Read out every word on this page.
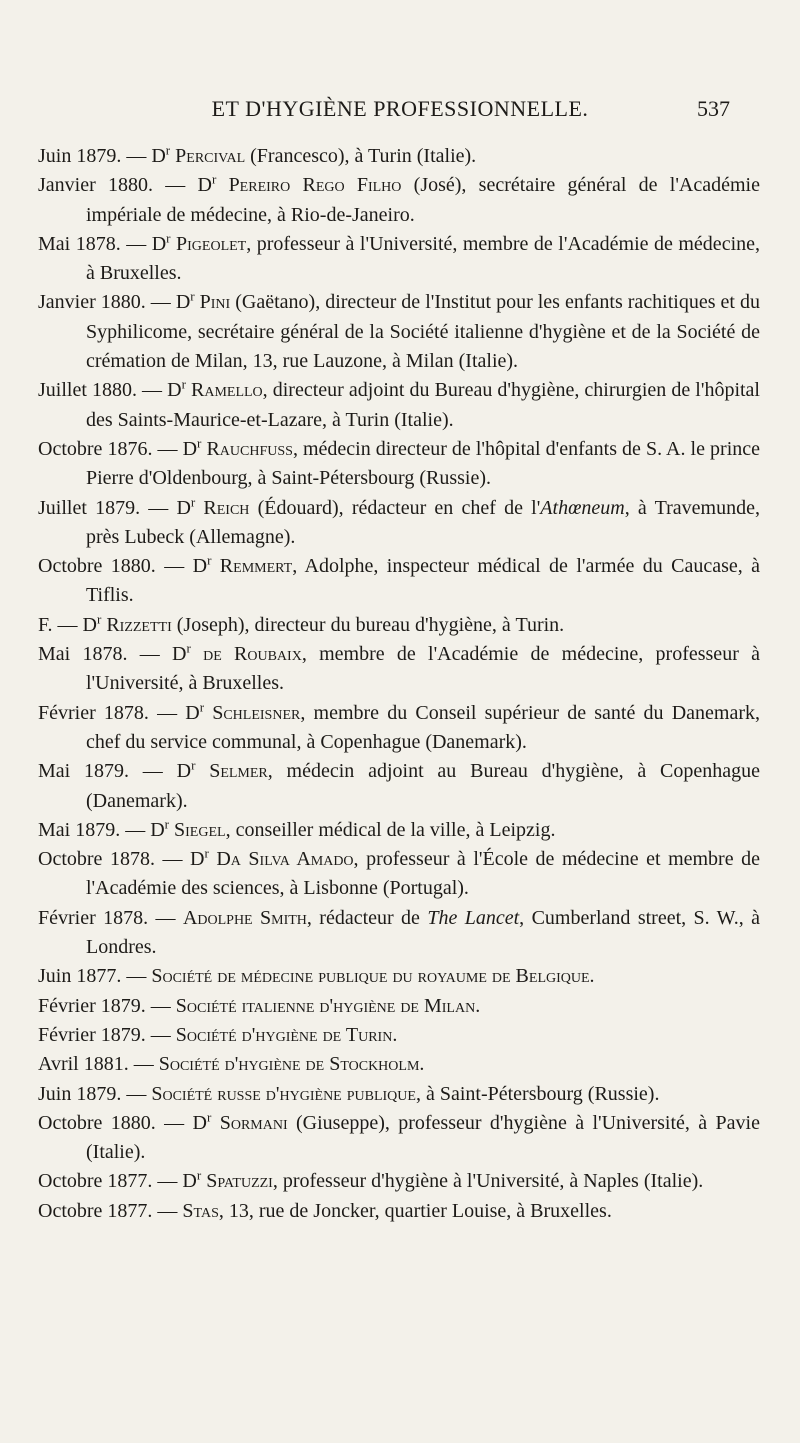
ET D'HYGIÈNE PROFESSIONNELLE.	537

Juin 1879. — $D^r$ Percival (Francesco), à Turin (Italie).

Janvier 1880. — $D^r$ Pereiro Rego Filho (José), secrétaire général de l'Académie impériale de médecine, à Rio-de-Janeiro.

Mai 1878. — $D^r$ Pigeolet, professeur à l'Université, membre de l'Académie de médecine, à Bruxelles.

Janvier 1880. — $D^r$ Pini (Gaëtano), directeur de l'Institut pour les enfants rachitiques et du Syphilicome, secrétaire général de la Société italienne d'hygiène et de la Société de crémation de Milan, 13, rue Lauzone, à Milan (Italie).

Juillet 1880. — $D^r$ Ramello, directeur adjoint du Bureau d'hygiène, chirurgien de l'hôpital des Saints-Maurice-et-Lazare, à Turin (Italie).

Octobre 1876. — $D^r$ Rauchfuss, médecin directeur de l'hôpital d'enfants de S. A. le prince Pierre d'Oldenbourg, à Saint-Pétersbourg (Russie).

Juillet 1879. — $D^r$ Reich (Édouard), rédacteur en chef de l'Athœneum, à Travemunde, près Lubeck (Allemagne).

Octobre 1880. — $D^r$ Remmert, Adolphe, inspecteur médical de l'armée du Caucase, à Tiflis.

F. — $D^r$ Rizzetti (Joseph), directeur du bureau d'hygiène, à Turin.

Mai 1878. — $D^r$ de Roubaix, membre de l'Académie de médecine, professeur à l'Université, à Bruxelles.

Février 1878. — $D^r$ Schleisner, membre du Conseil supérieur de santé du Danemark, chef du service communal, à Copenhague (Danemark).

Mai 1879. — $D^r$ Selmer, médecin adjoint au Bureau d'hygiène, à Copenhague (Danemark).

Mai 1879. — $D^r$ Siegel, conseiller médical de la ville, à Leipzig.

Octobre 1878. — $D^r$ Da Silva Amado, professeur à l'École de médecine et membre de l'Académie des sciences, à Lisbonne (Portugal).

Février 1878. — Adolphe Smith, rédacteur de The Lancet, Cumberland street, S. W., à Londres.

Juin 1877. — Société de médecine publique du royaume de Belgique.

Février 1879. — Société italienne d'hygiène de Milan.

Février 1879. — Société d'hygiène de Turin.

Avril 1881. — Société d'hygiène de Stockholm.

Juin 1879. — Société russe d'hygiène publique, à Saint-Pétersbourg (Russie).

Octobre 1880. — $D^r$ Sormani (Giuseppe), professeur d'hygiène à l'Université, à Pavie (Italie).

Octobre 1877. — $D^r$ Spatuzzi, professeur d'hygiène à l'Université, à Naples (Italie).

Octobre 1877. — Stas, 13, rue de Joncker, quartier Louise, à Bruxelles.
